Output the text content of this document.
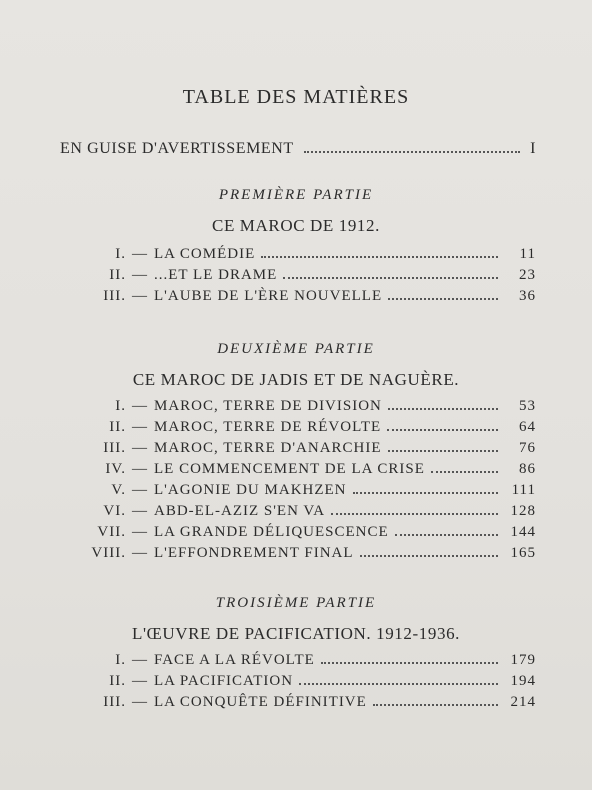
TABLE DES MATIÈRES
EN GUISE D'AVERTISSEMENT	I
PREMIÈRE PARTIE
CE MAROC DE 1912.
I. — LA COMÉDIE	11
II. — ...ET LE DRAME	23
III. — L'AUBE DE L'ÈRE NOUVELLE	36
DEUXIÈME PARTIE
CE MAROC DE JADIS ET DE NAGUÈRE.
I. — MAROC, TERRE DE DIVISION	53
II. — MAROC, TERRE DE RÉVOLTE	64
III. — MAROC, TERRE D'ANARCHIE	76
IV. — LE COMMENCEMENT DE LA CRISE	86
V. — L'AGONIE DU MAKHZEN	111
VI. — ABD-EL-AZIZ S'EN VA	128
VII. — LA GRANDE DÉLIQUESCENCE	144
VIII. — L'EFFONDREMENT FINAL	165
TROISIÈME PARTIE
L'ŒUVRE DE PACIFICATION. 1912-1936.
I. — FACE A LA RÉVOLTE	179
II. — LA PACIFICATION	194
III. — LA CONQUÊTE DÉFINITIVE	214
